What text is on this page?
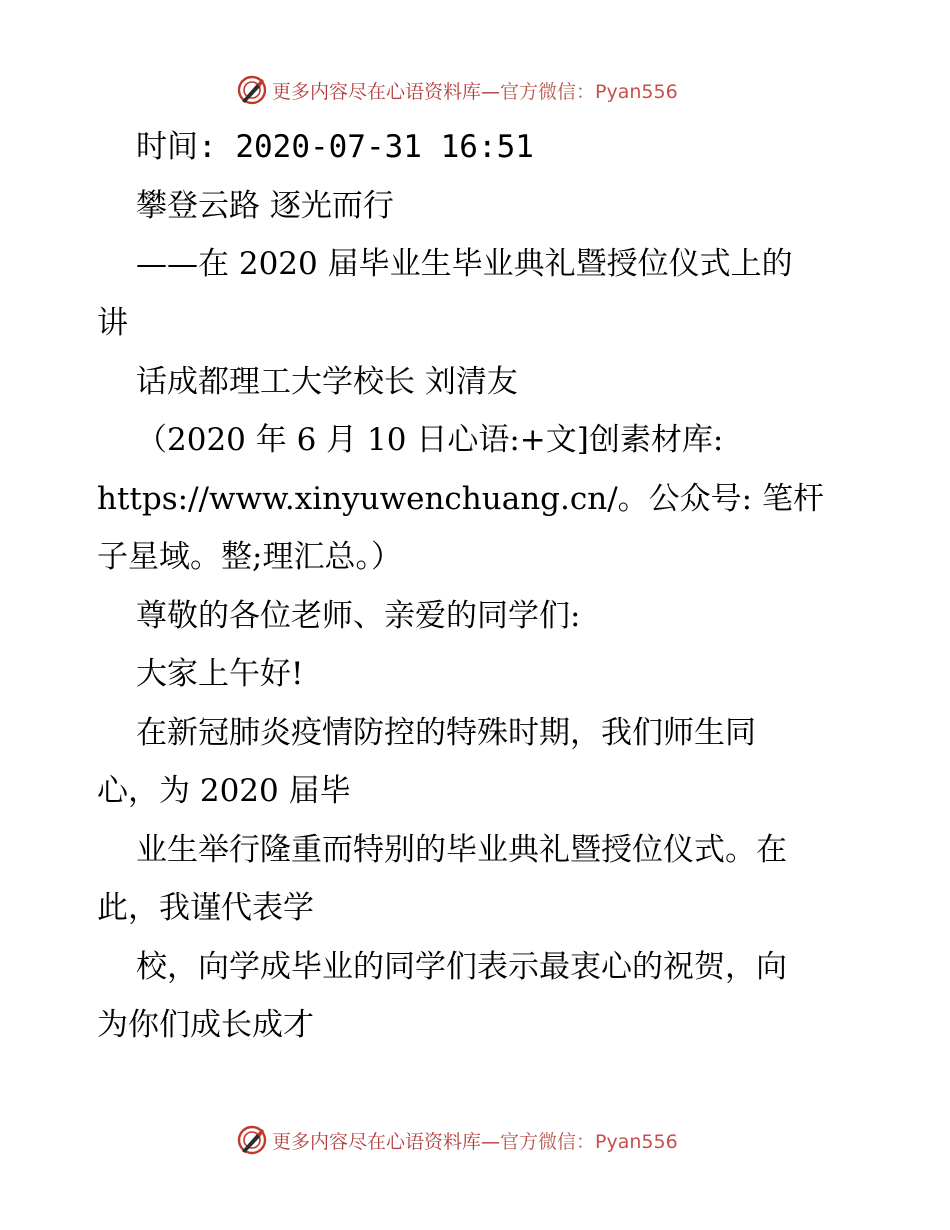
更多内容尽在心语资料库—官方微信：Pyan556
时间: 2020-07-31 16:51
攀登云路 逐光而行
——在 2020 届毕业生毕业典礼暨授位仪式上的
讲
话成都理工大学校长 刘清友
（2020 年 6 月 10 日心语:+文]创素材库:
https://www.xinyuwenchuang.cn/。公众号: 笔杆
子星域。整;理汇总。）
尊敬的各位老师、亲爱的同学们:
大家上午好!
在新冠肺炎疫情防控的特殊时期，我们师生同
心，为 2020 届毕
业生举行隆重而特别的毕业典礼暨授位仪式。在
此，我谨代表学
校，向学成毕业的同学们表示最衷心的祝贺，向
为你们成长成才
更多内容尽在心语资料库—官方微信：Pyan556
